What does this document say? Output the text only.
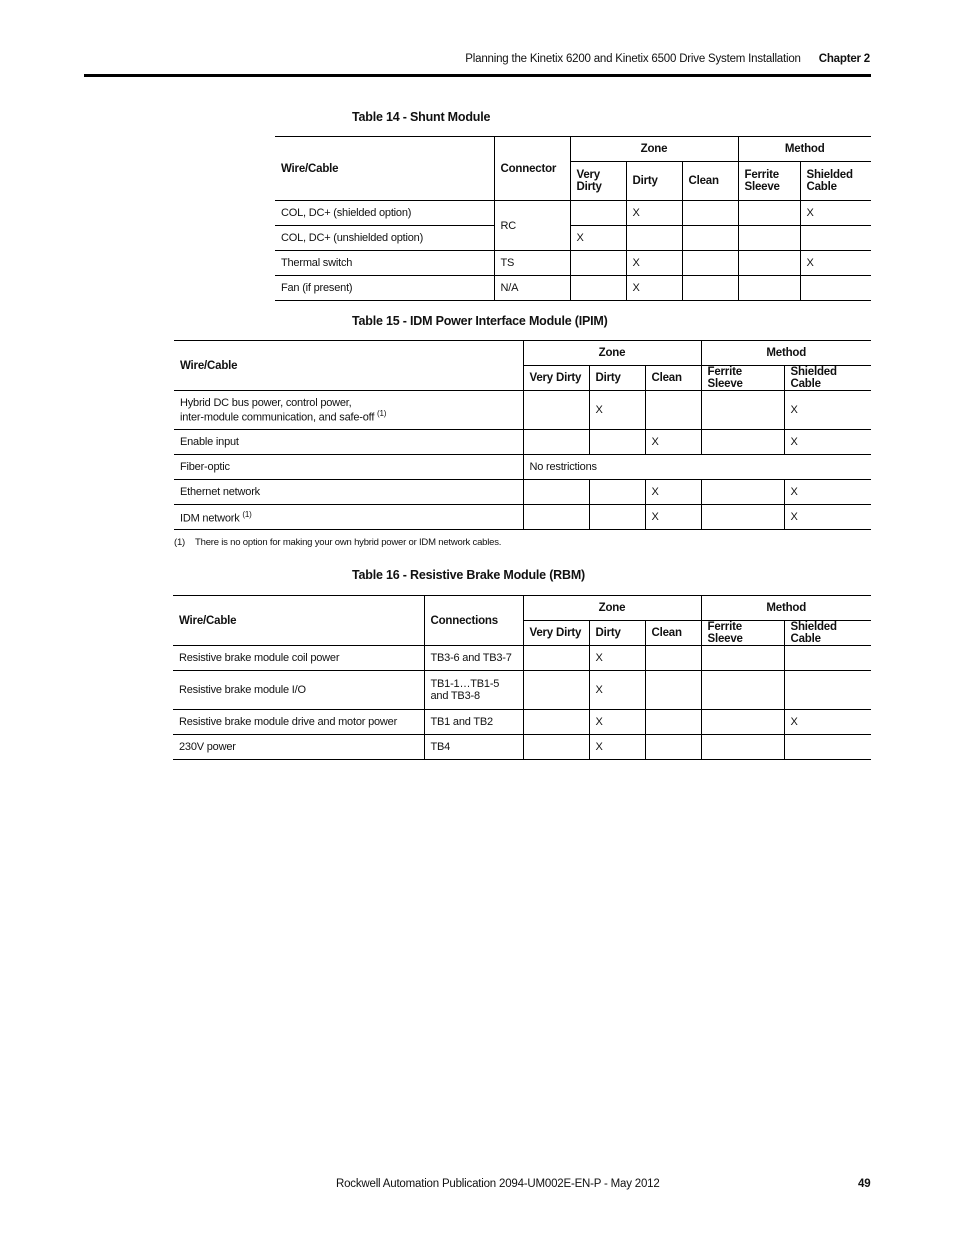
Planning the Kinetix 6200 and Kinetix 6500 Drive System Installation Chapter 2
Table 14 - Shunt Module
Wire/Cable	Connector	Zone			Method	
		Very Dirty	Dirty	Clean	Ferrite Sleeve	Shielded Cable
COL, DC+ (shielded option)	RC		X			X
COL, DC+ (unshielded option)		X				
Thermal switch	TS		X			X
Fan (if present)	N/A		X			
Table 15 - IDM Power Interface Module (IPIM)
Wire/Cable	Zone			Method	
	Very Dirty	Dirty	Clean	Ferrite Sleeve	Shielded Cable

Hybrid DC bus power, control power,
inter-module communication, and safe-off $^{(1)}$		X			X
Enable input			X		X
Fiber-optic	No restrictions				
Ethernet network			X		X
IDM network $^{(1)}$			X		X
(1) There is no option for making your own hybrid power or IDM network cables.
Table 16 - Resistive Brake Module (RBM)
Wire/Cable	Connections	Zone			Method	
		Very Dirty	Dirty	Clean	Ferrite Sleeve	Shielded Cable
Resistive brake module coil power	TB3-6 and TB3-7		X			
Resistive brake module I/O	TB1-1…TB1-5
and TB3-8		X			
Resistive brake module drive and motor power	TB1 and TB2		X			X
230V power	TB4		X			
Rockwell Automation Publication 2094-UM002E-EN-P - May 2012	49
